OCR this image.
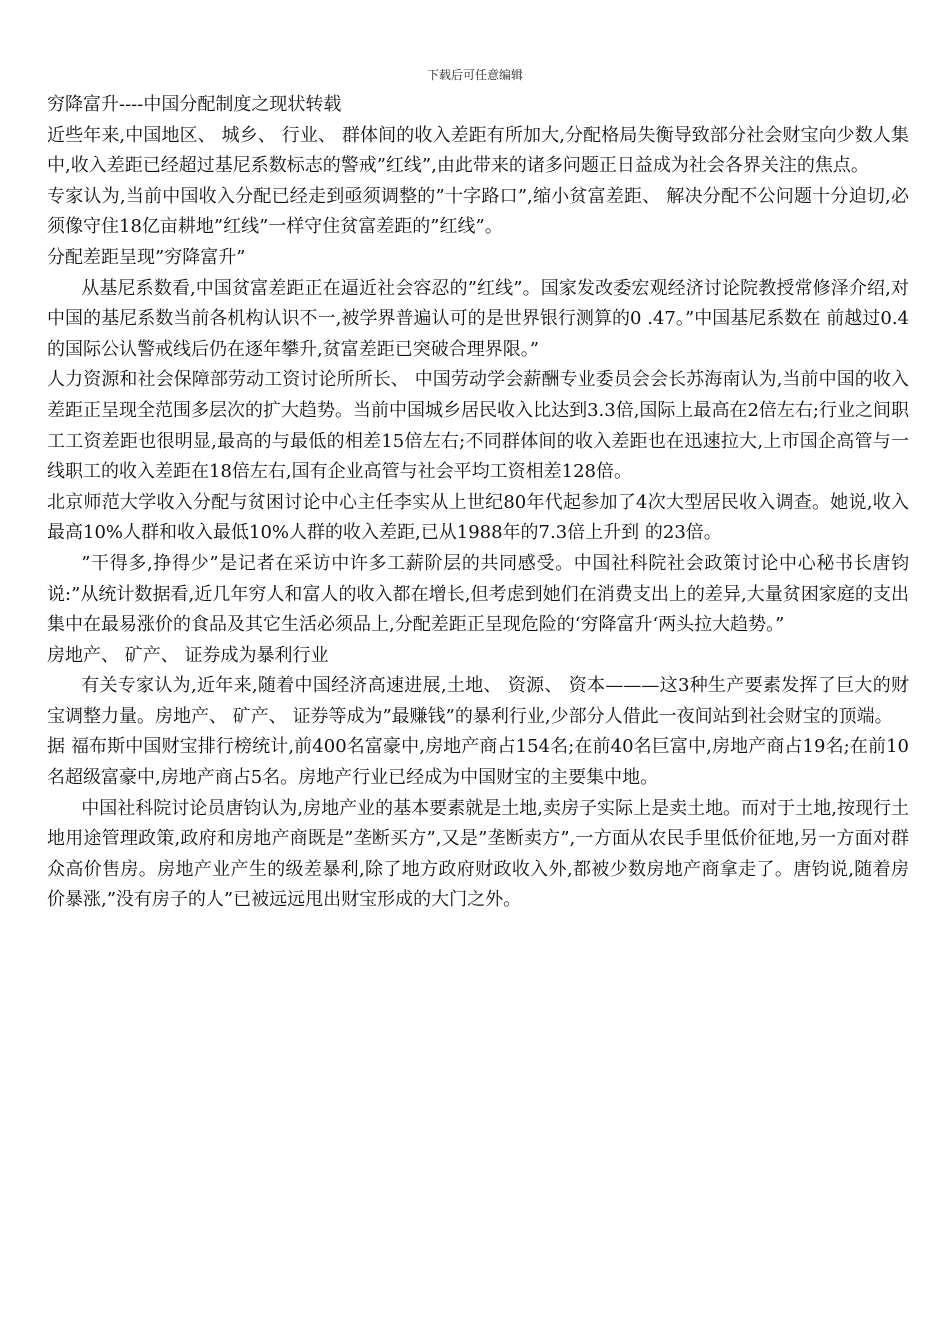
下载后可任意编辑

穷降富升----中国分配制度之现状转载

近些年来,中国地区、 城乡、 行业、 群体间的收入差距有所加大,分配格局失衡导致部分社会财宝向少数人集中,收入差距已经超过基尼系数标志的警戒”红线”,由此带来的诸多问题正日益成为社会各界关注的焦点。

专家认为,当前中国收入分配已经走到亟须调整的”十字路口”,缩小贫富差距、 解决分配不公问题十分迫切,必须像守住18亿亩耕地”红线”一样守住贫富差距的”红线”。

分配差距呈现”穷降富升”

从基尼系数看,中国贫富差距正在逼近社会容忍的”红线”。国家发改委宏观经济讨论院教授常修泽介绍,对中国的基尼系数当前各机构认识不一,被学界普遍认可的是世界银行测算的0 .47。”中国基尼系数在 前越过0.4的国际公认警戒线后仍在逐年攀升,贫富差距已突破合理界限。”

人力资源和社会保障部劳动工资讨论所所长、 中国劳动学会薪酬专业委员会会长苏海南认为,当前中国的收入差距正呈现全范围多层次的扩大趋势。当前中国城乡居民收入比达到3.3倍,国际上最高在2倍左右;行业之间职工工资差距也很明显,最高的与最低的相差15倍左右;不同群体间的收入差距也在迅速拉大,上市国企高管与一线职工的收入差距在18倍左右,国有企业高管与社会平均工资相差128倍。

北京师范大学收入分配与贫困讨论中心主任李实从上世纪80年代起参加了4次大型居民收入调查。她说,收入最高10%人群和收入最低10%人群的收入差距,已从1988年的7.3倍上升到 的23倍。

”干得多,挣得少”是记者在采访中许多工薪阶层的共同感受。中国社科院社会政策讨论中心秘书长唐钧说:”从统计数据看,近几年穷人和富人的收入都在增长,但考虑到她们在消费支出上的差异,大量贫困家庭的支出集中在最易涨价的食品及其它生活必须品上,分配差距正呈现危险的‘穷降富升‘两头拉大趋势。”

房地产、 矿产、 证券成为暴利行业

有关专家认为,近年来,随着中国经济高速进展,土地、 资源、 资本———这3种生产要素发挥了巨大的财宝调整力量。房地产、 矿产、 证券等成为”最赚钱”的暴利行业,少部分人借此一夜间站到社会财宝的顶端。

据 福布斯中国财宝排行榜统计,前400名富豪中,房地产商占154名;在前40名巨富中,房地产商占19名;在前10名超级富豪中,房地产商占5名。房地产行业已经成为中国财宝的主要集中地。

中国社科院讨论员唐钧认为,房地产业的基本要素就是土地,卖房子实际上是卖土地。而对于土地,按现行土地用途管理政策,政府和房地产商既是”垄断买方”,又是”垄断卖方”,一方面从农民手里低价征地,另一方面对群众高价售房。房地产业产生的级差暴利,除了地方政府财政收入外,都被少数房地产商拿走了。唐钧说,随着房价暴涨,”没有房子的人”已被远远甩出财宝形成的大门之外。
